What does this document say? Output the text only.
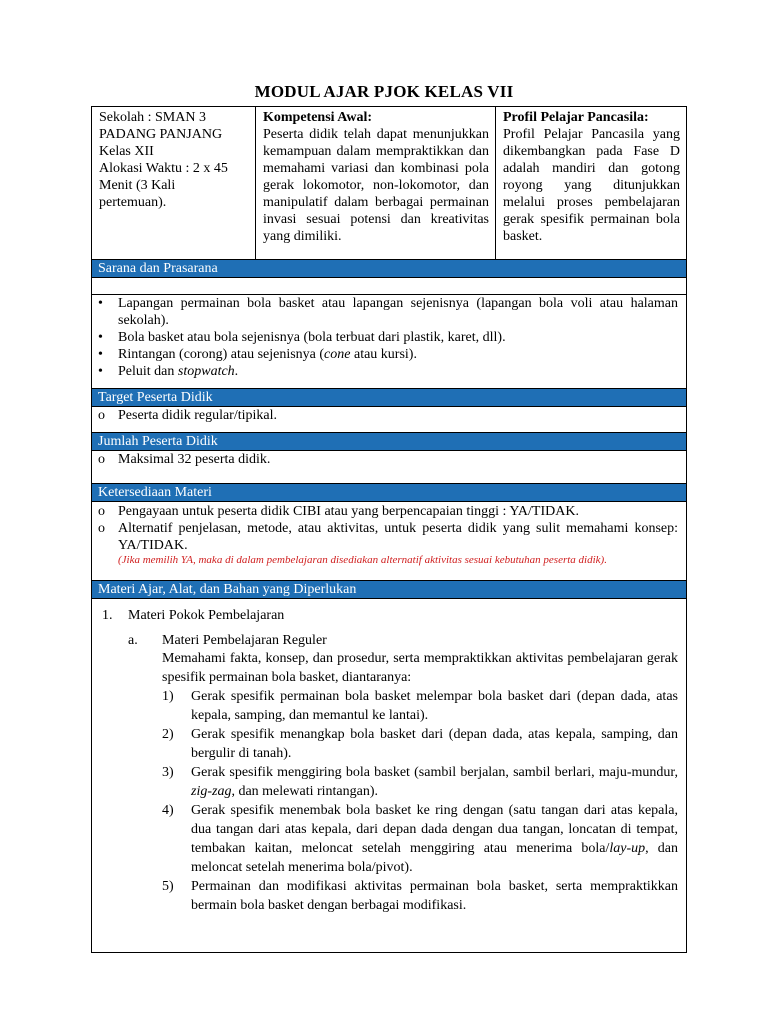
MODUL AJAR PJOK KELAS VII
Sekolah : SMAN 3
PADANG PANJANG
Kelas XII
Alokasi Waktu : 2 x 45
Menit (3 Kali
pertemuan).
Kompetensi Awal:
Peserta didik telah dapat menunjukkan kemampuan dalam mempraktikkan dan memahami variasi dan kombinasi pola gerak lokomotor, non-lokomotor, dan manipulatif dalam berbagai permainan invasi sesuai potensi dan kreativitas yang dimiliki.
Profil Pelajar Pancasila:
Profil Pelajar Pancasila yang dikembangkan pada Fase D adalah mandiri dan gotong royong yang ditunjukkan melalui proses pembelajaran gerak spesifik permainan bola basket.
Sarana dan Prasarana
•	Lapangan permainan bola basket atau lapangan sejenisnya (lapangan bola voli atau halaman sekolah).
•	Bola basket atau bola sejenisnya (bola terbuat dari plastik, karet, dll).
•	Rintangan (corong) atau sejenisnya (cone atau kursi).
•	Peluit dan stopwatch.
Target Peserta Didik
o Peserta didik regular/tipikal.
Jumlah Peserta Didik
o Maksimal 32 peserta didik.
Ketersediaan Materi
o Pengayaan untuk peserta didik CIBI atau yang berpencapaian tinggi : YA/TIDAK.
o Alternatif penjelasan, metode, atau aktivitas, untuk peserta didik yang sulit memahami konsep: YA/TIDAK.
(Jika memilih YA, maka di dalam pembelajaran disediakan alternatif aktivitas sesuai kebutuhan peserta didik).
Materi Ajar, Alat, dan Bahan yang Diperlukan
1.	Materi Pokok Pembelajaran
a.	Materi Pembelajaran Reguler
Memahami fakta, konsep, dan prosedur, serta mempraktikkan aktivitas pembelajaran gerak spesifik permainan bola basket, diantaranya:
1)	Gerak spesifik permainan bola basket melempar bola basket dari (depan dada, atas kepala, samping, dan memantul ke lantai).
2)	Gerak spesifik menangkap bola basket dari (depan dada, atas kepala, samping, dan bergulir di tanah).
3)	Gerak spesifik menggiring bola basket (sambil berjalan, sambil berlari, maju-mundur, zig-zag, dan melewati rintangan).
4)	Gerak spesifik menembak bola basket ke ring dengan (satu tangan dari atas kepala, dua tangan dari atas kepala, dari depan dada dengan dua tangan, loncatan di tempat, tembakan kaitan, meloncat setelah menggiring atau menerima bola/lay-up, dan meloncat setelah menerima bola/pivot).
5)	Permainan dan modifikasi aktivitas permainan bola basket, serta mempraktikkan bermain bola basket dengan berbagai modifikasi.
